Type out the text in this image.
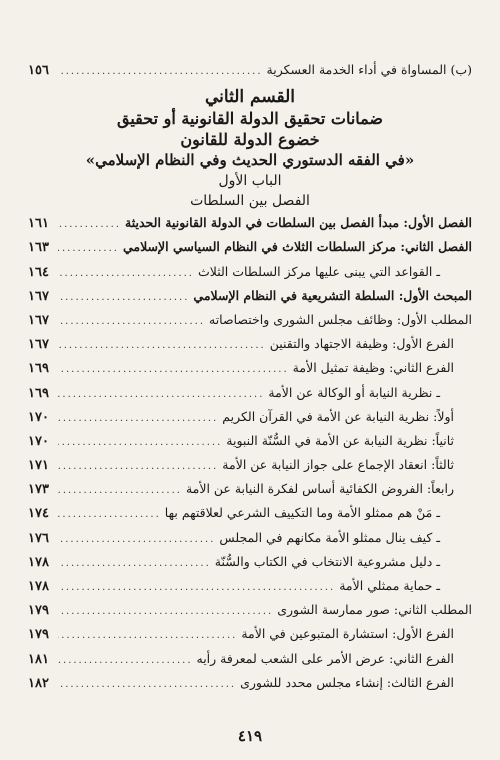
(ب) المساواة في أداء الخدمة العسكرية
.....
١٥٦
القسم الثاني
ضمانات تحقيق الدولة القانونية أو تحقيق
خضوع الدولة للقانون
«في الفقه الدستوري الحديث وفي النظام الإسلامي»
الباب الأول
الفصل بين السلطات
الفصل الأول: مبدأ الفصل بين السلطات في الدولة القانونية الحديثة
.....
١٦١
الفصل الثاني: مركز السلطات الثلاث في النظام السياسي الإسلامي
.....
١٦٣
ـ القواعد التي يبنى عليها مركز السلطات الثلاث
.....
١٦٤
المبحث الأول: السلطة التشريعية في النظام الإسلامي
.....
١٦٧
المطلب الأول: وظائف مجلس الشورى واختصاصاته
.....
١٦٧
الفرع الأول: وظيفة الاجتهاد والتقنين
.....
١٦٧
الفرع الثاني: وظيفة تمثيل الأمة
.....
١٦٩
ـ نظرية النيابة أو الوكالة عن الأمة
.....
١٦٩
أولاً: نظرية النيابة عن الأمة في القرآن الكريم
.....
١٧٠
ثانياً: نظرية النيابة عن الأمة في السُّنّة النبوية
.....
١٧٠
ثالثاً: انعقاد الإجماع على جواز النيابة عن الأمة
.....
١٧١
رابعاً: الفروض الكفائية أساس لفكرة النيابة عن الأمة
.....
١٧٣
ـ مَنْ هم ممثلو الأمة وما التكييف الشرعي لعلاقتهم بها
.....
١٧٤
ـ كيف ينال ممثلو الأمة مكانهم في المجلس
.....
١٧٦
ـ دليل مشروعية الانتخاب في الكتاب والسُّنّة
.....
١٧٨
ـ حماية ممثلي الأمة
.....
١٧٨
المطلب الثاني: صور ممارسة الشورى
.....
١٧٩
الفرع الأول: استشارة المتبوعين في الأمة
.....
١٧٩
الفرع الثاني: عرض الأمر على الشعب لمعرفة رأيه
.....
١٨١
الفرع الثالث: إنشاء مجلس محدد للشورى
.....
١٨٢
٤١٩
